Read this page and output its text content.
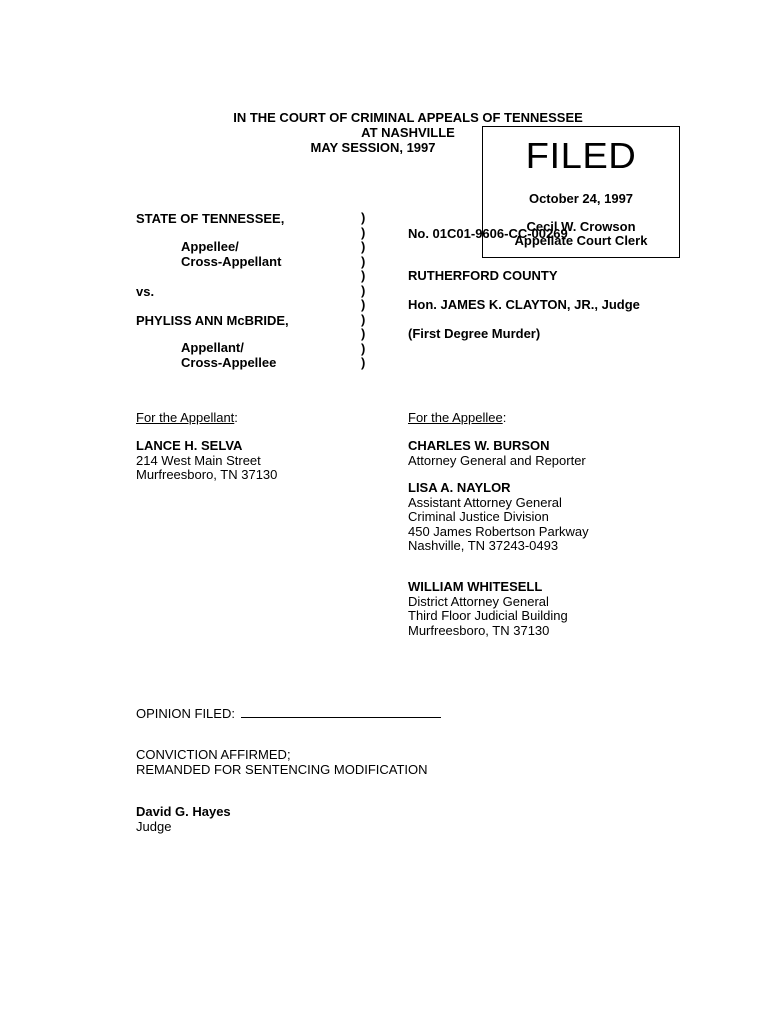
IN THE COURT OF CRIMINAL APPEALS OF TENNESSEE
AT NASHVILLE
MAY SESSION, 1997	FILED
October 24, 1997
Cecil W. Crowson
Appellate Court Clerk
STATE OF TENNESSEE,
Appellee/
Cross-Appellant
vs.
PHYLISS ANN McBRIDE,
Appellant/
Cross-Appellee
)
)
)
)
)
)
)
)
)
)
)
No. 01C01-9606-CC-00269
RUTHERFORD COUNTY
Hon. JAMES K. CLAYTON, JR., Judge
(First Degree Murder)
For the Appellant:	For the Appellee:
LANCE H. SELVA
214 West Main Street
Murfreesboro, TN 37130
CHARLES W. BURSON
Attorney General and Reporter
LISA A. NAYLOR
Assistant Attorney General
Criminal Justice Division
450 James Robertson Parkway
Nashville, TN 37243-0493
WILLIAM WHITESELL
District Attorney General
Third Floor Judicial Building
Murfreesboro, TN 37130
OPINION FILED:
CONVICTION AFFIRMED;
REMANDED FOR SENTENCING MODIFICATION
David G. Hayes
Judge
